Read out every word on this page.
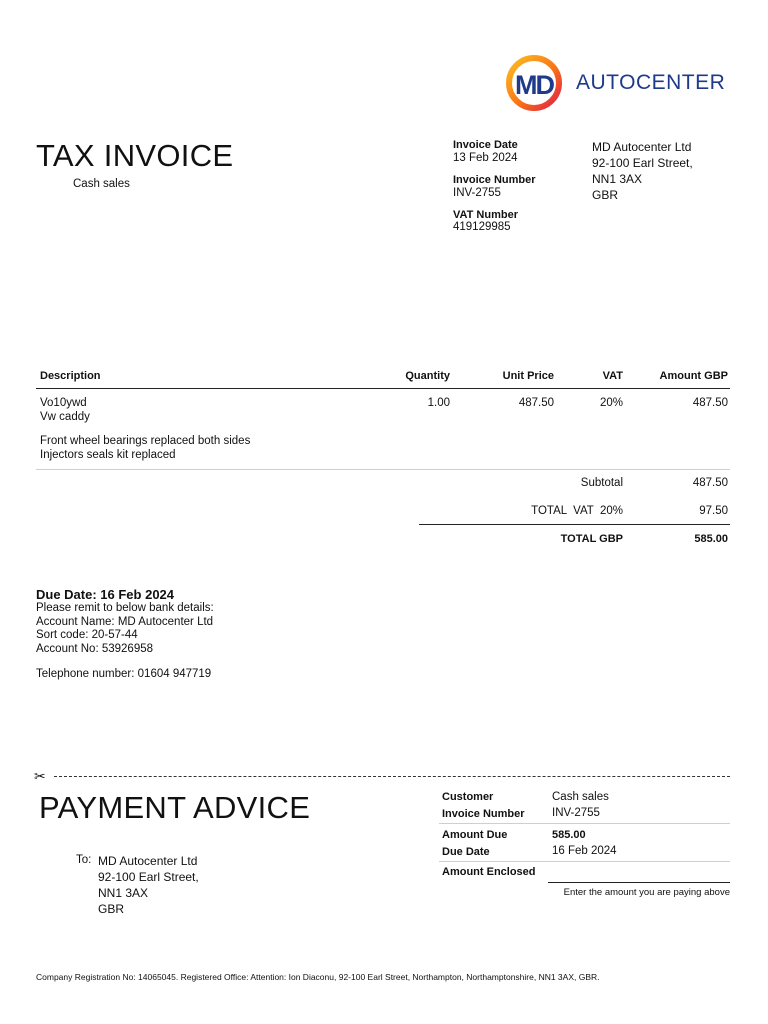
MD AUTOCENTER
TAX INVOICE
Cash sales
Invoice Date
13 Feb 2024
Invoice Number
INV-2755
VAT Number
419129985
MD Autocenter Ltd
92-100 Earl Street,
NN1 3AX
GBR
Description	Quantity	Unit Price	VAT	Amount GBP
Vo10ywd
Vw caddy
Front wheel bearings replaced both sides
Injectors seals kit replaced
1.00	487.50	20%	487.50
Subtotal	487.50
TOTAL  VAT  20%	97.50
TOTAL GBP	585.00
Due Date: 16 Feb 2024
Please remit to below bank details:
Account Name: MD Autocenter Ltd
Sort code: 20-57-44
Account No: 53926958
Telephone number: 01604 947719
✂
PAYMENT ADVICE
To: MD Autocenter Ltd
92-100 Earl Street,
NN1 3AX
GBR
Customer	Cash sales
Invoice Number INV-2755
Amount Due	585.00
Due Date	16 Feb 2024
Amount Enclosed
Enter the amount you are paying above
Company Registration No: 14065045. Registered Office: Attention: Ion Diaconu, 92-100 Earl Street, Northampton, Northamptonshire, NN1 3AX, GBR.
